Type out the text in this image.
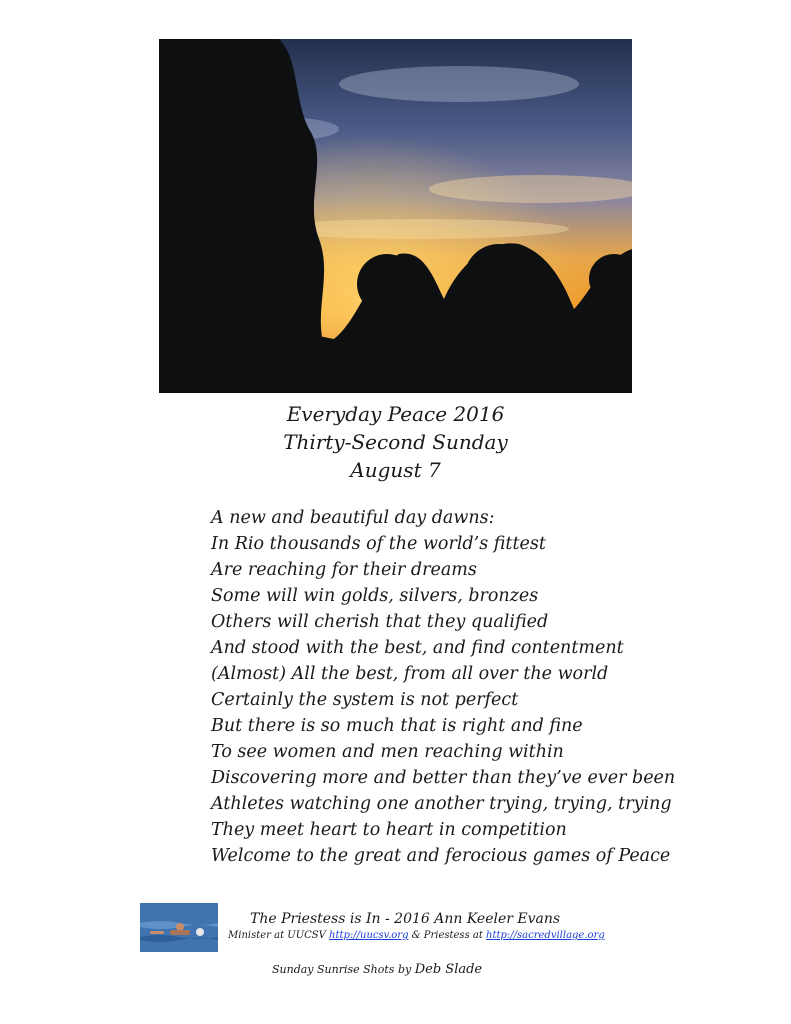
Everyday Peace 2016
Thirty-Second Sunday
August 7
A new and beautiful day dawns:
In Rio thousands of the world’s fittest
Are reaching for their dreams
Some will win golds, silvers, bronzes
Others will cherish that they qualified
And stood with the best, and find contentment
(Almost) All the best, from all over the world
Certainly the system is not perfect
But there is so much that is right and fine
To see women and men reaching within
Discovering more and better than they’ve ever been
Athletes watching one another trying, trying, trying
They meet heart to heart in competition
Welcome to the great and ferocious games of Peace
The Priestess is In - 2016 Ann Keeler Evans
Minister at UUCSV http://uucsv.org & Priestess at http://sacredvillage.org
Sunday Sunrise Shots by Deb Slade
